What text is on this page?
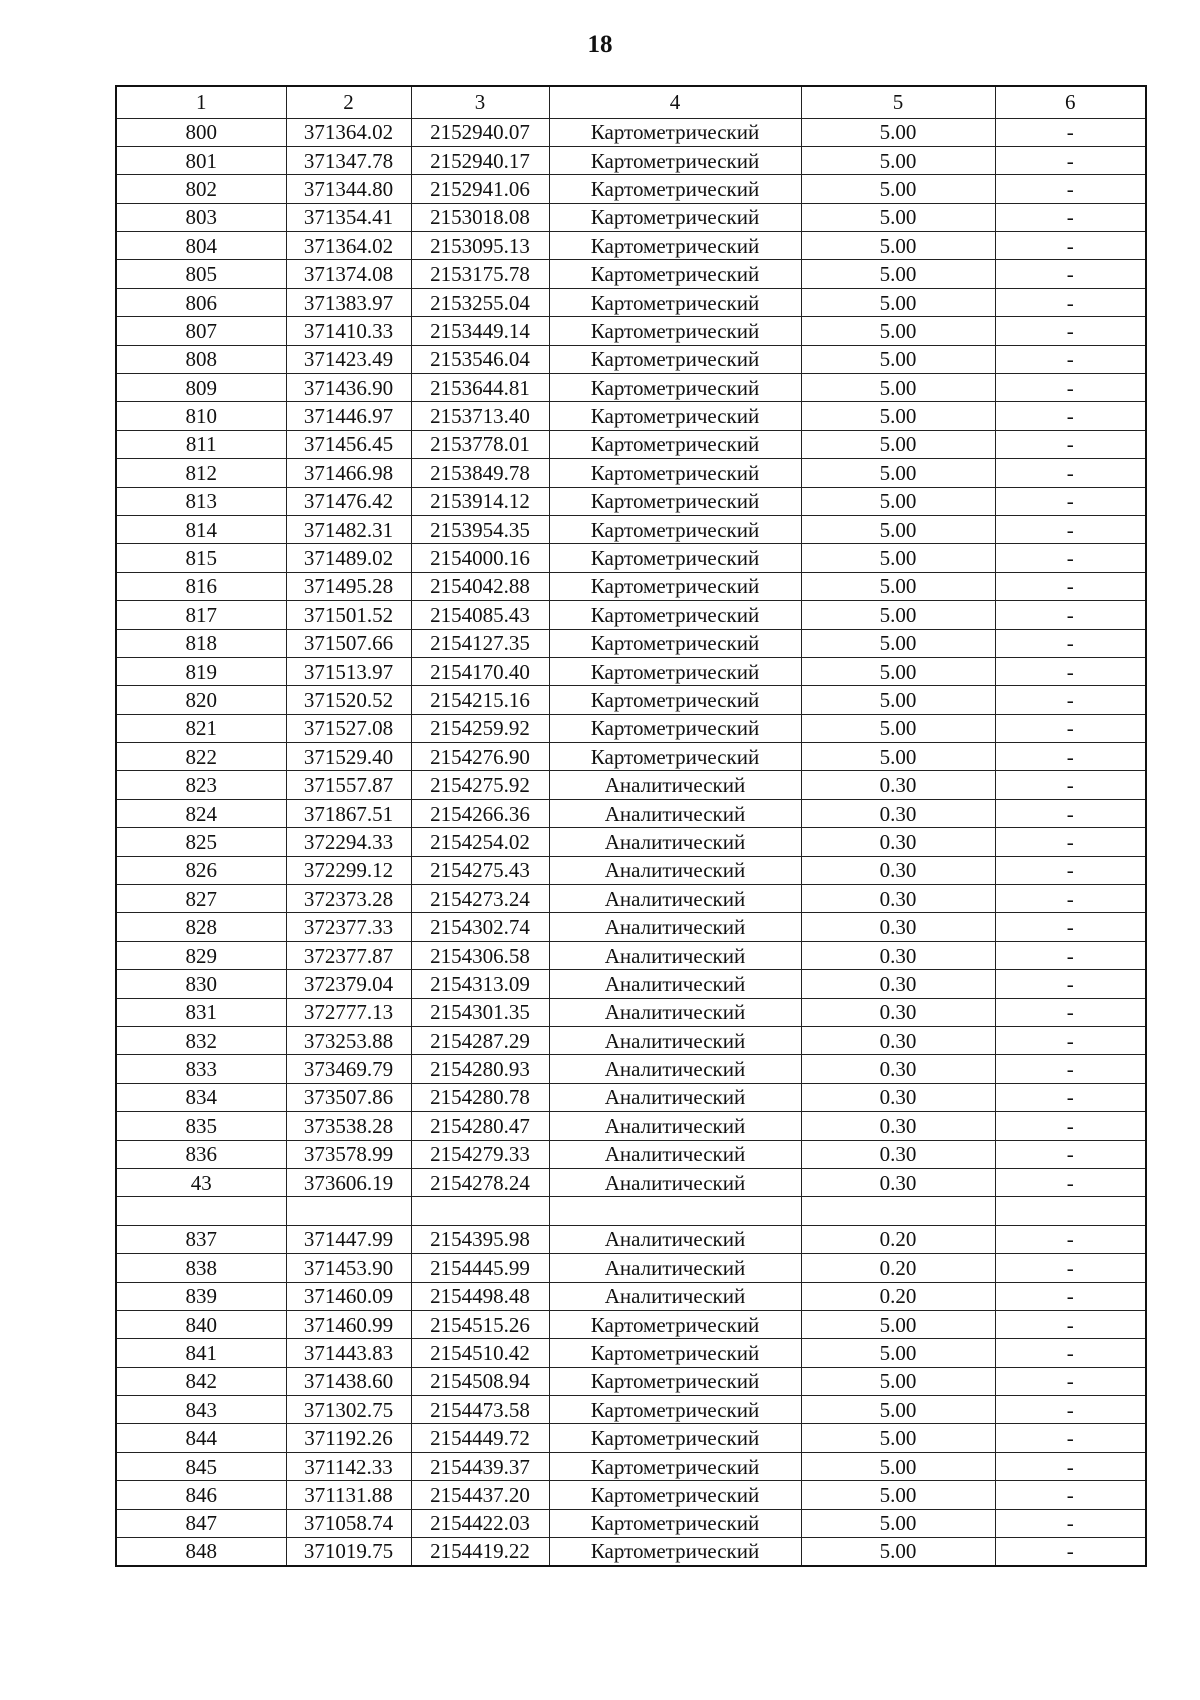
18
1	2	3	4	5	6
800	371364.02	2152940.07	Картометрический	5.00	-
801	371347.78	2152940.17	Картометрический	5.00	-
802	371344.80	2152941.06	Картометрический	5.00	-
803	371354.41	2153018.08	Картометрический	5.00	-
804	371364.02	2153095.13	Картометрический	5.00	-
805	371374.08	2153175.78	Картометрический	5.00	-
806	371383.97	2153255.04	Картометрический	5.00	-
807	371410.33	2153449.14	Картометрический	5.00	-
808	371423.49	2153546.04	Картометрический	5.00	-
809	371436.90	2153644.81	Картометрический	5.00	-
810	371446.97	2153713.40	Картометрический	5.00	-
811	371456.45	2153778.01	Картометрический	5.00	-
812	371466.98	2153849.78	Картометрический	5.00	-
813	371476.42	2153914.12	Картометрический	5.00	-
814	371482.31	2153954.35	Картометрический	5.00	-
815	371489.02	2154000.16	Картометрический	5.00	-
816	371495.28	2154042.88	Картометрический	5.00	-
817	371501.52	2154085.43	Картометрический	5.00	-
818	371507.66	2154127.35	Картометрический	5.00	-
819	371513.97	2154170.40	Картометрический	5.00	-
820	371520.52	2154215.16	Картометрический	5.00	-
821	371527.08	2154259.92	Картометрический	5.00	-
822	371529.40	2154276.90	Картометрический	5.00	-
823	371557.87	2154275.92	Аналитический	0.30	-
824	371867.51	2154266.36	Аналитический	0.30	-
825	372294.33	2154254.02	Аналитический	0.30	-
826	372299.12	2154275.43	Аналитический	0.30	-
827	372373.28	2154273.24	Аналитический	0.30	-
828	372377.33	2154302.74	Аналитический	0.30	-
829	372377.87	2154306.58	Аналитический	0.30	-
830	372379.04	2154313.09	Аналитический	0.30	-
831	372777.13	2154301.35	Аналитический	0.30	-
832	373253.88	2154287.29	Аналитический	0.30	-
833	373469.79	2154280.93	Аналитический	0.30	-
834	373507.86	2154280.78	Аналитический	0.30	-
835	373538.28	2154280.47	Аналитический	0.30	-
836	373578.99	2154279.33	Аналитический	0.30	-
43	373606.19	2154278.24	Аналитический	0.30	-

837	371447.99	2154395.98	Аналитический	0.20	-
838	371453.90	2154445.99	Аналитический	0.20	-
839	371460.09	2154498.48	Аналитический	0.20	-
840	371460.99	2154515.26	Картометрический	5.00	-
841	371443.83	2154510.42	Картометрический	5.00	-
842	371438.60	2154508.94	Картометрический	5.00	-
843	371302.75	2154473.58	Картометрический	5.00	-
844	371192.26	2154449.72	Картометрический	5.00	-
845	371142.33	2154439.37	Картометрический	5.00	-
846	371131.88	2154437.20	Картометрический	5.00	-
847	371058.74	2154422.03	Картометрический	5.00	-
848	371019.75	2154419.22	Картометрический	5.00	-
